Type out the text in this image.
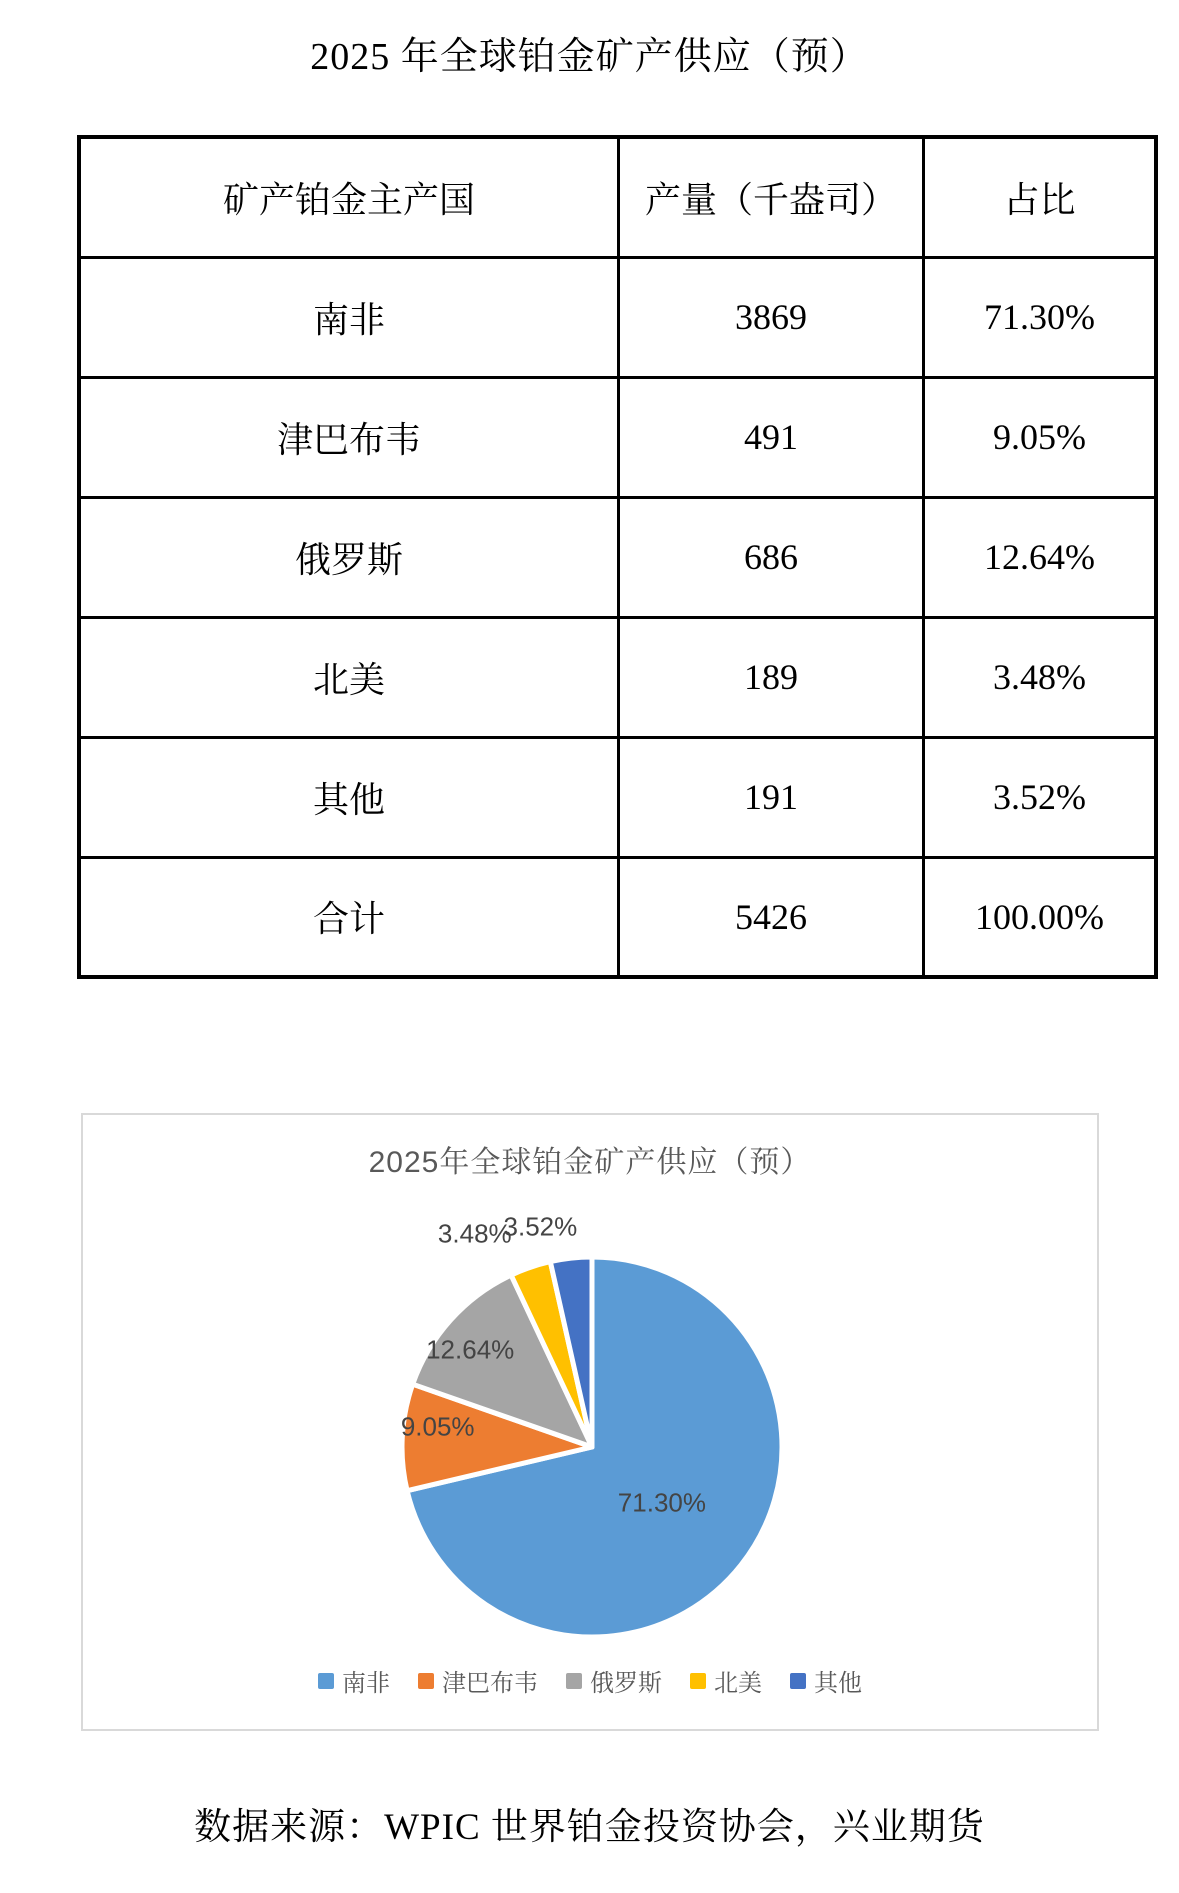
2025 年全球铂金矿产供应（预）
矿产铂金主产国	产量（千盎司）	占比
南非	3869	71.30%
津巴布韦	491	9.05%
俄罗斯	686	12.64%
北美	189	3.48%
其他	191	3.52%
合计	5426	100.00%
2025年全球铂金矿产供应（预）
71.30%
9.05%
12.64%
3.48%
3.52%
南非 津巴布韦 俄罗斯 北美 其他
数据来源：WPIC 世界铂金投资协会，兴业期货
